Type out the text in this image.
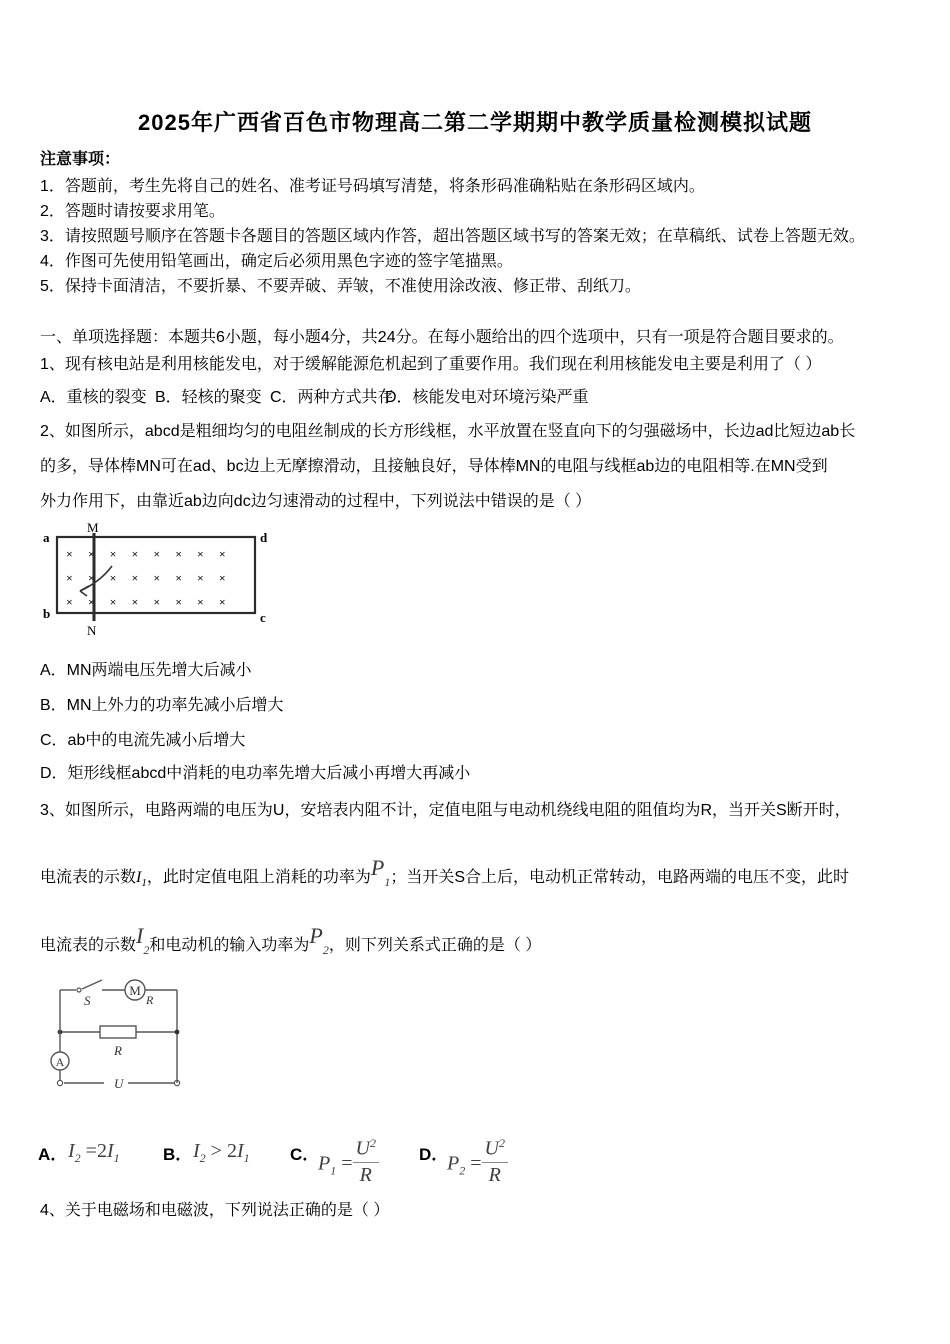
2025年广西省百色市物理高二第二学期期中教学质量检测模拟试题
注意事项：
1．答题前，考生先将自己的姓名、准考证号码填写清楚，将条形码准确粘贴在条形码区域内。
2．答题时请按要求用笔。
3．请按照题号顺序在答题卡各题目的答题区域内作答，超出答题区域书写的答案无效；在草稿纸、试卷上答题无效。
4．作图可先使用铅笔画出，确定后必须用黑色字迹的签字笔描黑。
5．保持卡面清洁，不要折暴、不要弄破、弄皱，不准使用涂改液、修正带、刮纸刀。
一、单项选择题：本题共6小题，每小题4分，共24分。在每小题给出的四个选项中，只有一项是符合题目要求的。
1、现有核电站是利用核能发电，对于缓解能源危机起到了重要作用。我们现在利用核能发电主要是利用了（ ）
A．重核的裂变 B．轻核的聚变 C．两种方式共存
D．核能发电对环境污染严重
2、如图所示，abcd是粗细均匀的电阻丝制成的长方形线框，水平放置在竖直向下的匀强磁场中，长边ad比短边ab长
的多，导体棒MN可在ad、bc边上无摩擦滑动，且接触良好，导体棒MN的电阻与线框ab边的电阻相等.在MN受到
外力作用下，由靠近ab边向dc边匀速滑动的过程中，下列说法中错误的是（ ）
a	d
b	c
M
N
××××××××
××××××××
××××××××
A．MN两端电压先增大后减小
B．MN上外力的功率先减小后增大
C．ab中的电流先减小后增大
D．矩形线框abcd中消耗的电功率先增大后减小再增大再减小
3、如图所示，电路两端的电压为U，安培表内阻不计，定值电阻与电动机绕线电阻的阻值均为R，当开关S断开时，
电流表的示数$I_1$，此时定值电阻上消耗的功率为$P_1$；当开关S合上后，电动机正常转动，电路两端的电压不变，此时
电流表的示数$I_2$和电动机的输入功率为$P_2$，则下列关系式正确的是（ ）
S
M
R
R
A
U
A． $I_2 =2I_1$	B． $I_2 > 2I_1$ C．
$P_1 = \frac{U^2}{R}$ D．
$P_2 = \frac{U^2}{R}$
4、关于电磁场和电磁波，下列说法正确的是（ ）
